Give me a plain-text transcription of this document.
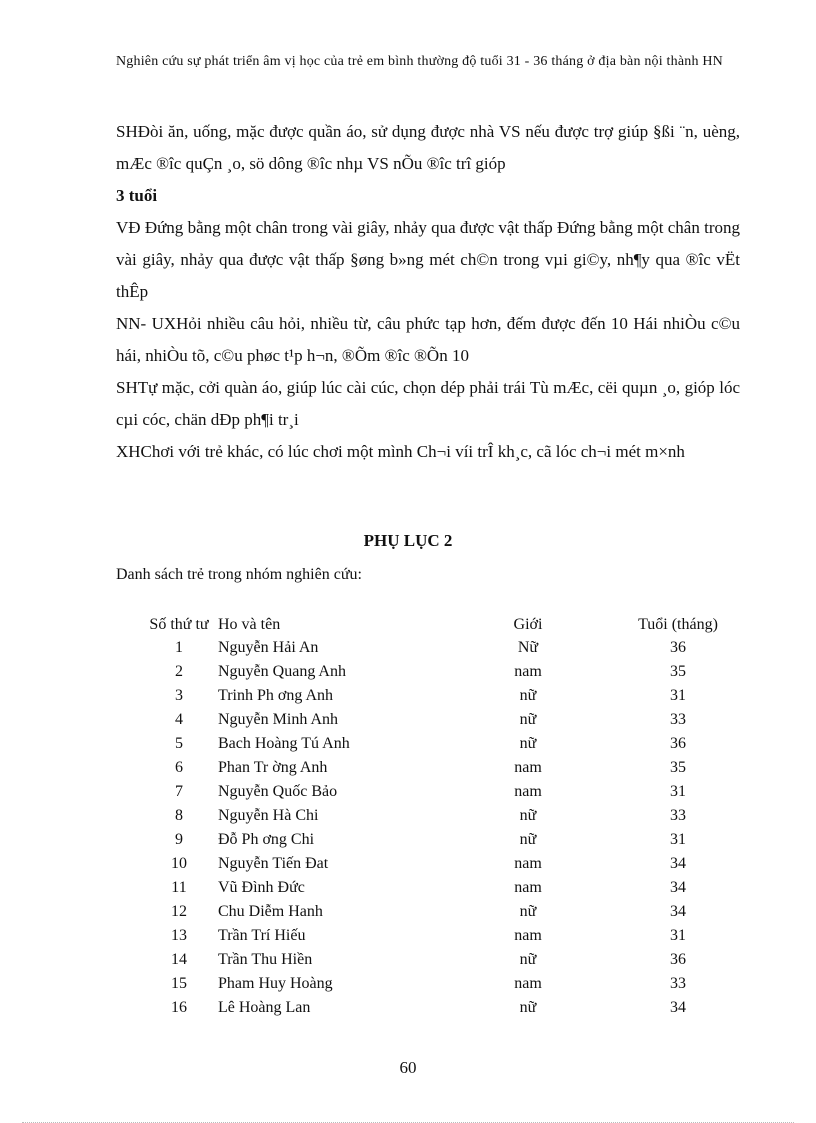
Nghiên cứu sự phát triển âm vị học của trẻ em bình thường độ tuổi 31 - 36 tháng ở địa bàn nội thành HN

SHĐòi ăn, uống, mặc được quần áo, sử dụng được nhà VS nếu được trợ giúp §ßi ¨n, uèng, mÆc ®îc quÇn ¸o, sö dông ®îc nhµ VS nÕu ®îc trî gióp

3 tuổi

VĐ Đứng bằng một chân trong vài giây, nhảy qua được vật thấp Đứng bằng một chân trong vài giây, nhảy qua được vật thấp §øng b»ng mét ch©n trong vµi gi©y, nh¶y qua ®îc vËt thÊp

NN- UXHỏi nhiều câu hỏi, nhiều từ, câu phức tạp hơn, đếm được đến 10 Hái nhiÒu c©u hái, nhiÒu tõ, c©u phøc t¹p h¬n, ®Õm ®îc ®Õn 10

SHTự mặc, cởi quàn áo, giúp lúc cài cúc, chọn dép phải trái Tù mÆc, cëi quµn ¸o, gióp lóc cµi cóc, chän dÐp ph¶i tr¸i

XHChơi với trẻ khác, có lúc chơi một mình Ch¬i víi trÎ kh¸c, cã lóc ch¬i mét m×nh

PHỤ LỤC 2
Danh sách trẻ trong nhóm nghiên cứu:
Số thứ tư	Ho và tên	Giới	Tuổi (tháng)
1	Nguyễn Hải An	Nữ	36
2	Nguyễn Quang Anh	nam	35
3	Trinh Ph ơng Anh	nữ	31
4	Nguyễn Minh Anh	nữ	33
5	Bach Hoàng Tú Anh	nữ	36
6	Phan Tr ờng Anh	nam	35
7	Nguyễn Quốc Bảo	nam	31
8	Nguyễn Hà Chi	nữ	33
9	Đỗ Ph ơng Chi	nữ	31
10	Nguyễn Tiến Đat	nam	34
11	Vũ Đình Đức	nam	34
12	Chu Diễm Hanh	nữ	34
13	Trần Trí Hiếu	nam	31
14	Trần Thu Hiền	nữ	36
15	Pham Huy Hoàng	nam	33
16	Lê Hoàng Lan	nữ	34
60
